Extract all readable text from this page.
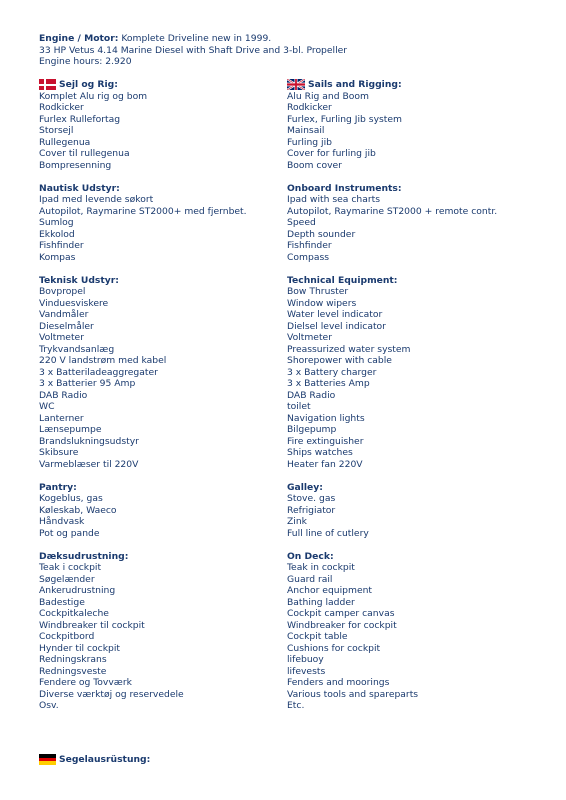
Engine / Motor: Komplete Driveline new in 1999.
33 HP Vetus 4.14 Marine Diesel with Shaft Drive and 3-bl. Propeller
Engine hours: 2.920
Sejl og Rig:
Komplet Alu rig og bom
Rodkicker
Furlex Rullefortag
Storsejl
Rullegenua
Cover til rullegenua
Bompresenning
Nautisk Udstyr:
Ipad med levende søkort
Autopilot, Raymarine ST2000+ med fjernbet.
Sumlog
Ekkolod
Fishfinder
Kompas
Teknisk Udstyr:
Bovpropel
Vinduesviskere
Vandmåler
Dieselmåler
Voltmeter
Trykvandsanlæg
220 V landstrøm med kabel
3 x Batteriladeaggregater
3 x Batterier 95 Amp
DAB Radio
WC
Lanterner
Lænsepumpe
Brandslukningsudstyr
Skibsure
Varmeblæser til 220V
Pantry:
Kogeblus, gas
Køleskab, Waeco
Håndvask
Pot og pande
Dæksudrustning:
Teak i cockpit
Søgelænder
Ankerudrustning
Badestige
Cockpitkaleche
Windbreaker til cockpit
Cockpitbord
Hynder til cockpit
Redningskrans
Redningsveste
Fendere og Tovværk
Diverse værktøj og reservedele
Osv.
Sails and Rigging:
Alu Rig and Boom
Rodkicker
Furlex, Furling Jib system
Mainsail
Furling jib
Cover for furling jib
Boom cover
Onboard Instruments:
Ipad with sea charts
Autopilot, Raymarine ST2000 + remote contr.
Speed
Depth sounder
Fishfinder
Compass
Technical Equipment:
Bow Thruster
Window wipers
Water level indicator
Dielsel level indicator
Voltmeter
Preassurized water system
Shorepower with cable
3 x Battery charger
3 x Batteries Amp
DAB Radio
toilet
Navigation lights
Bilgepump
Fire extinguisher
Ships watches
Heater fan 220V
Galley:
Stove. gas
Refrigiator
Zink
Full line of cutlery
On Deck:
Teak in cockpit
Guard rail
Anchor equipment
Bathing ladder
Cockpit camper canvas
Windbreaker for cockpit
Cockpit table
Cushions for cockpit
lifebuoy
lifevests
Fenders and moorings
Various tools and spareparts
Etc.
Segelausrüstung:
